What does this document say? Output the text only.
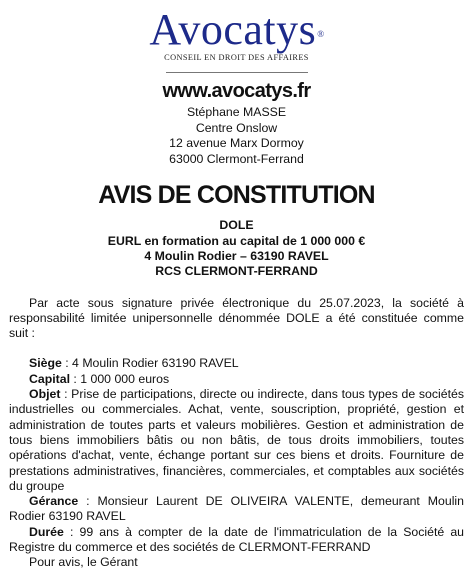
Avocatys®
CONSEIL EN DROIT DES AFFAIRES
www.avocatys.fr
Stéphane MASSE
Centre Onslow
12 avenue Marx Dormoy
63000 Clermont-Ferrand
AVIS DE CONSTITUTION
DOLE
EURL en formation au capital de 1 000 000 €
4 Moulin Rodier – 63190 RAVEL
RCS CLERMONT-FERRAND

Par acte sous signature privée électronique du 25.07.2023, la société à responsabilité limitée unipersonnelle dénommée DOLE a été constituée comme suit :

Siège : 4 Moulin Rodier 63190 RAVEL

Capital : 1 000 000 euros

Objet : Prise de participations, directe ou indirecte, dans tous types de sociétés industrielles ou commerciales. Achat, vente, souscription, propriété, gestion et administration de toutes parts et valeurs mobilières. Gestion et administration de tous biens immobiliers bâtis ou non bâtis, de tous droits immobiliers, toutes opérations d'achat, vente, échange portant sur ces biens et droits. Fourniture de prestations administratives, financières, commerciales, et comptables aux sociétés du groupe

Gérance : Monsieur Laurent DE OLIVEIRA VALENTE, demeurant Moulin Rodier 63190 RAVEL

Durée : 99 ans à compter de la date de l'immatriculation de la Société au Registre du commerce et des sociétés de CLERMONT-FERRAND

Pour avis, le Gérant
